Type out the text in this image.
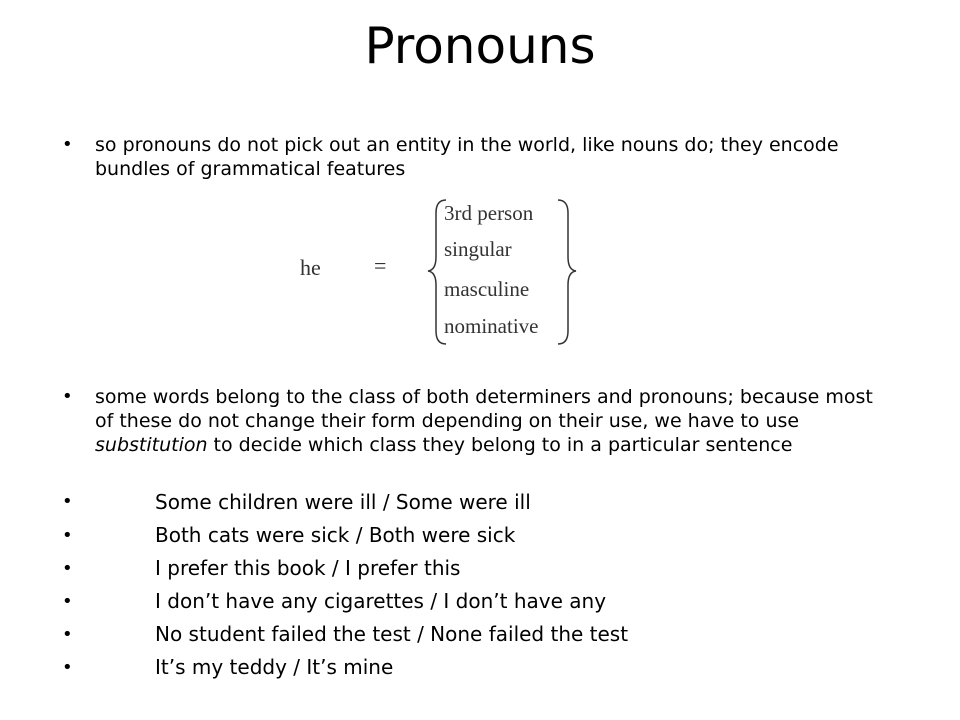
Pronouns
• so pronouns do not pick out an entity in the world, like nouns do; they encode bundles of grammatical features
he =
3rd person
singular
masculine
nominative
• some words belong to the class of both determiners and pronouns; because most of these do not change their form depending on their use, we have to use substitution to decide which class they belong to in a particular sentence
•	Some children were ill / Some were ill
•	Both cats were sick / Both were sick
•	I prefer this book / I prefer this
•	I don’t have any cigarettes / I don’t have any
•	No student failed the test / None failed the test
•	It’s my teddy / It’s mine
